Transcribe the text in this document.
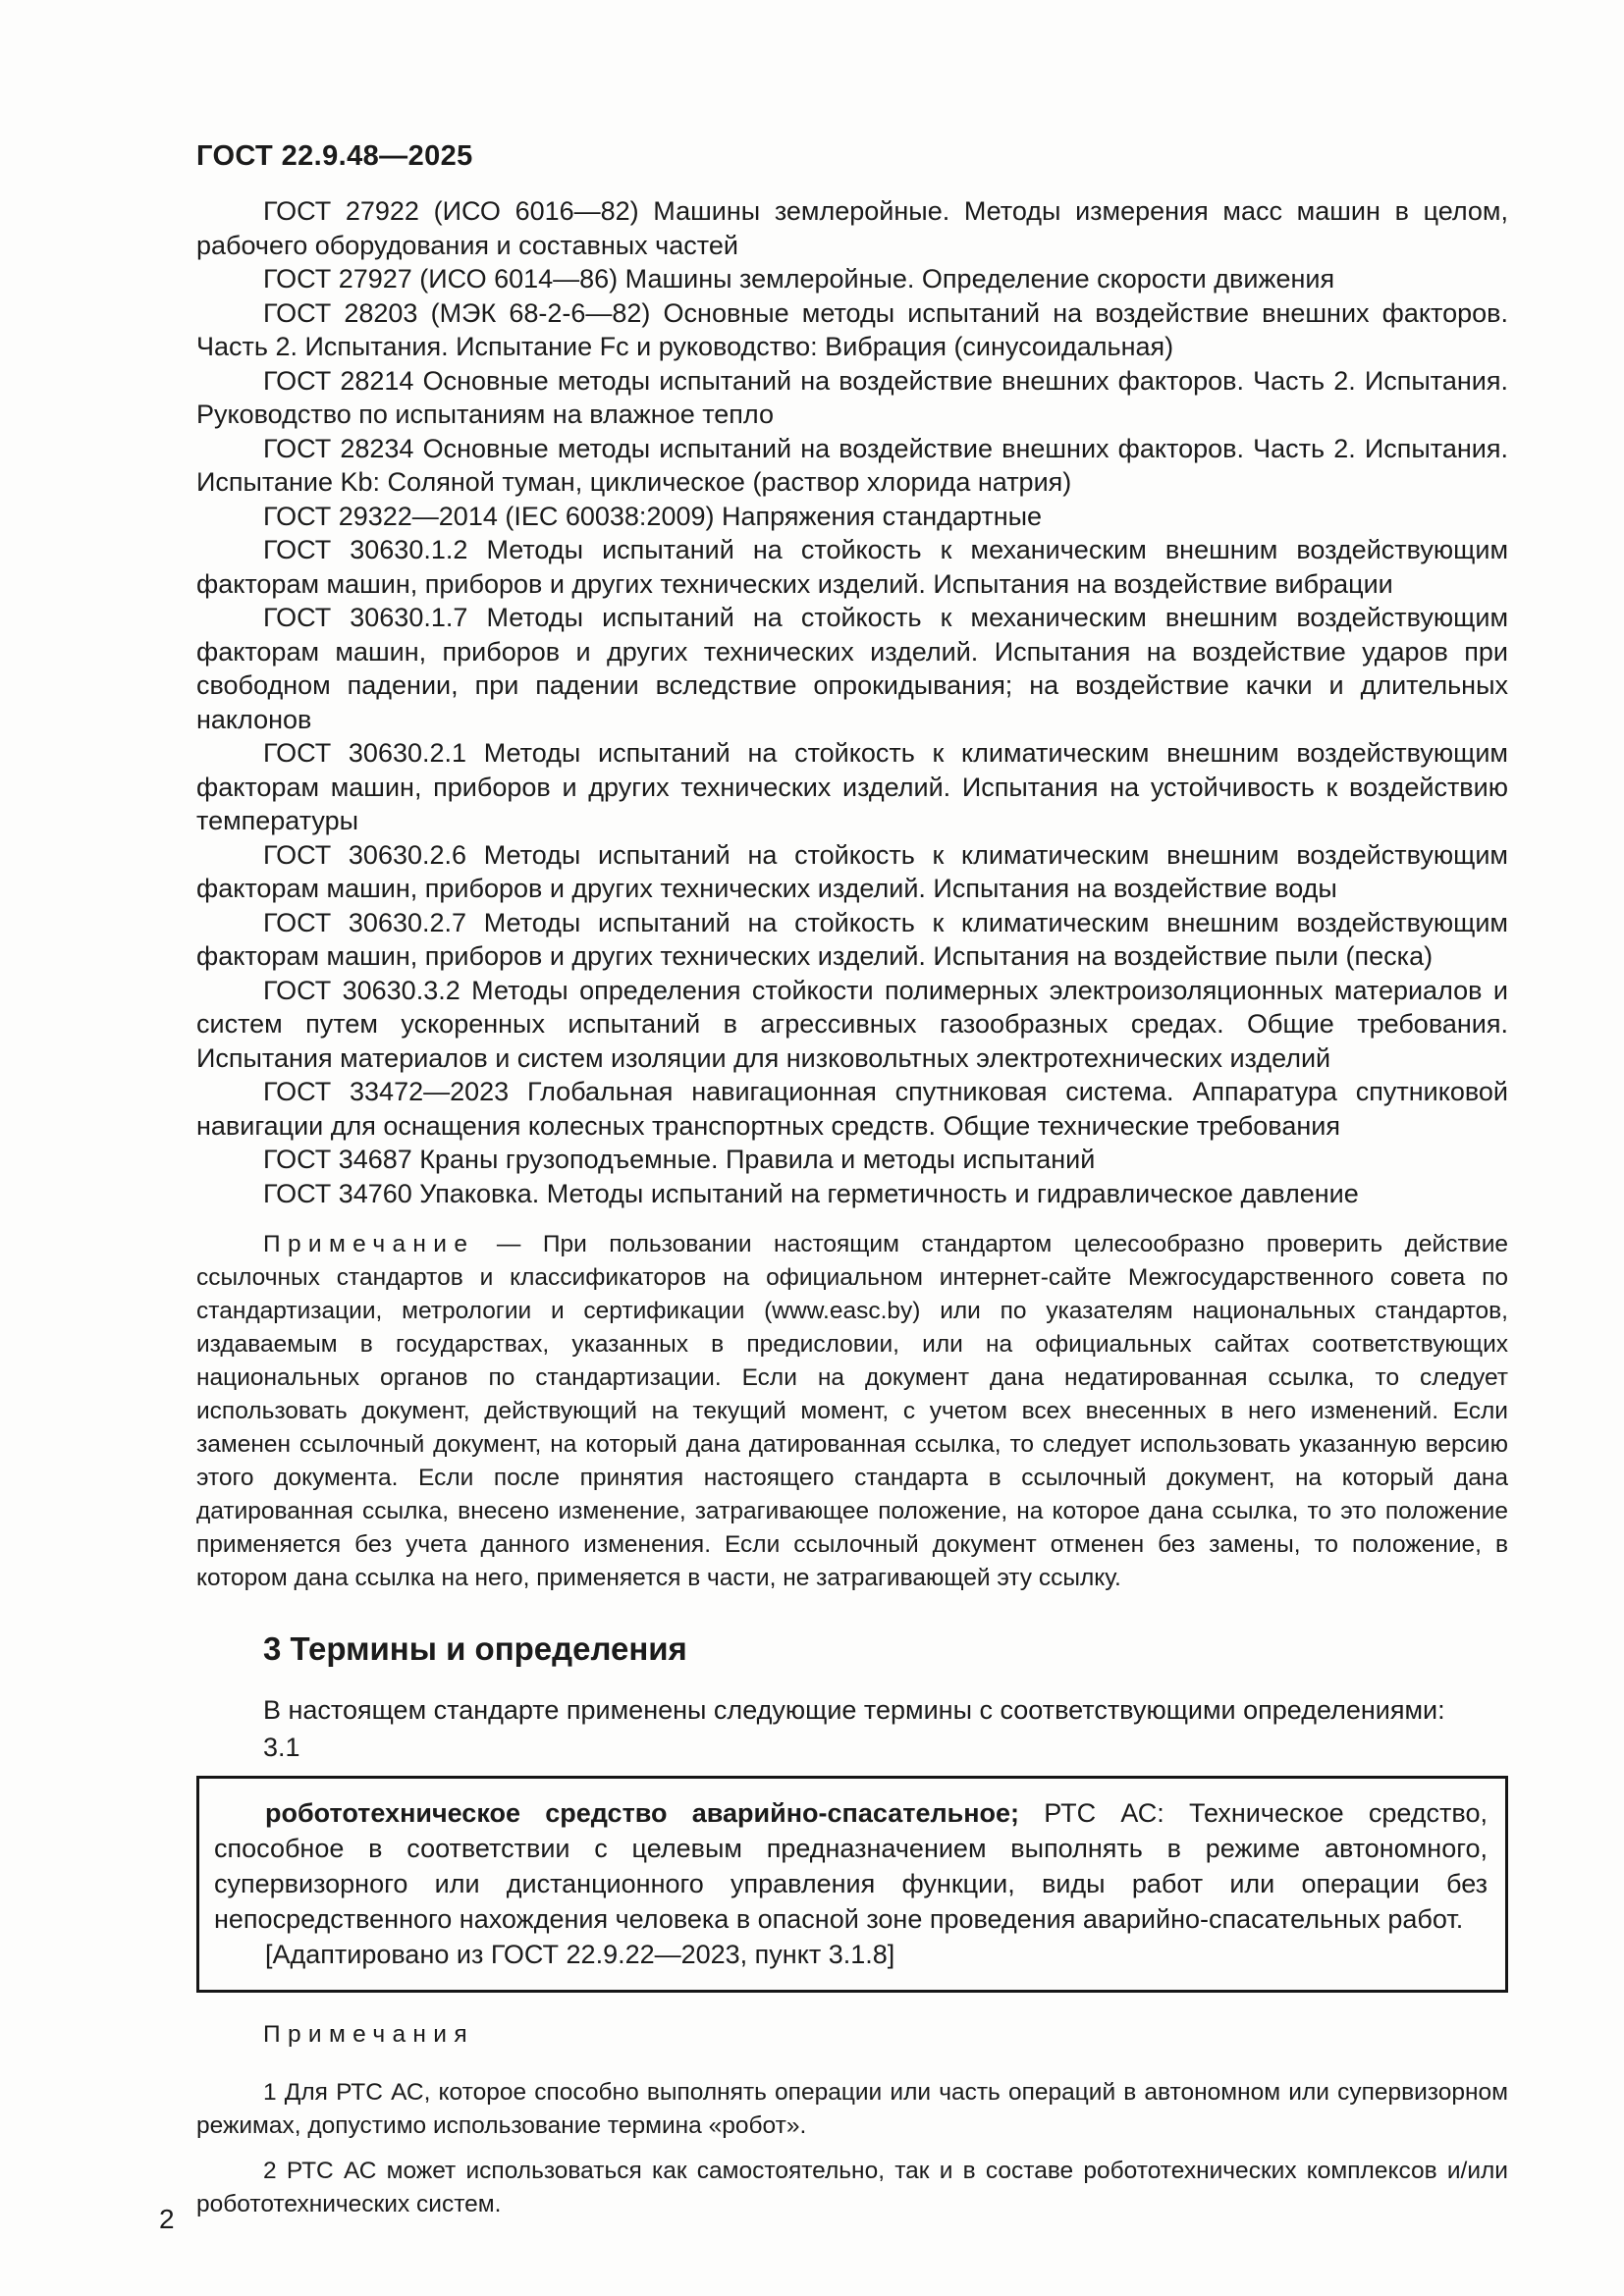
ГОСТ 22.9.48—2025

ГОСТ 27922 (ИСО 6016—82) Машины землеройные. Методы измерения масс машин в целом, рабочего оборудования и составных частей

ГОСТ 27927 (ИСО 6014—86) Машины землеройные. Определение скорости движения

ГОСТ 28203 (МЭК 68-2-6—82) Основные методы испытаний на воздействие внешних факторов. Часть 2. Испытания. Испытание Fc и руководство: Вибрация (синусоидальная)

ГОСТ 28214 Основные методы испытаний на воздействие внешних факторов. Часть 2. Испытания. Руководство по испытаниям на влажное тепло

ГОСТ 28234 Основные методы испытаний на воздействие внешних факторов. Часть 2. Испытания. Испытание Kb: Соляной туман, циклическое (раствор хлорида натрия)

ГОСТ 29322—2014 (IEC 60038:2009) Напряжения стандартные

ГОСТ 30630.1.2 Методы испытаний на стойкость к механическим внешним воздействующим факторам машин, приборов и других технических изделий. Испытания на воздействие вибрации

ГОСТ 30630.1.7 Методы испытаний на стойкость к механическим внешним воздействующим факторам машин, приборов и других технических изделий. Испытания на воздействие ударов при свободном падении, при падении вследствие опрокидывания; на воздействие качки и длительных наклонов

ГОСТ 30630.2.1 Методы испытаний на стойкость к климатическим внешним воздействующим факторам машин, приборов и других технических изделий. Испытания на устойчивость к воздействию температуры

ГОСТ 30630.2.6 Методы испытаний на стойкость к климатическим внешним воздействующим факторам машин, приборов и других технических изделий. Испытания на воздействие воды

ГОСТ 30630.2.7 Методы испытаний на стойкость к климатическим внешним воздействующим факторам машин, приборов и других технических изделий. Испытания на воздействие пыли (песка)

ГОСТ 30630.3.2 Методы определения стойкости полимерных электроизоляционных материалов и систем путем ускоренных испытаний в агрессивных газообразных средах. Общие требования. Испытания материалов и систем изоляции для низковольтных электротехнических изделий

ГОСТ 33472—2023 Глобальная навигационная спутниковая система. Аппаратура спутниковой навигации для оснащения колесных транспортных средств. Общие технические требования

ГОСТ 34687 Краны грузоподъемные. Правила и методы испытаний

ГОСТ 34760 Упаковка. Методы испытаний на герметичность и гидравлическое давление

Примечание — При пользовании настоящим стандартом целесообразно проверить действие ссылочных стандартов и классификаторов на официальном интернет-сайте Межгосударственного совета по стандартизации, метрологии и сертификации (www.easc.by) или по указателям национальных стандартов, издаваемым в государствах, указанных в предисловии, или на официальных сайтах соответствующих национальных органов по стандартизации. Если на документ дана недатированная ссылка, то следует использовать документ, действующий на текущий момент, с учетом всех внесенных в него изменений. Если заменен ссылочный документ, на который дана датированная ссылка, то следует использовать указанную версию этого документа. Если после принятия настоящего стандарта в ссылочный документ, на который дана датированная ссылка, внесено изменение, затрагивающее положение, на которое дана ссылка, то это положение применяется без учета данного изменения. Если ссылочный документ отменен без замены, то положение, в котором дана ссылка на него, применяется в части, не затрагивающей эту ссылку.

3 Термины и определения

В настоящем стандарте применены следующие термины с соответствующими определениями:

3.1

робототехническое средство аварийно-спасательное; РТС АС: Техническое средство, способное в соответствии с целевым предназначением выполнять в режиме автономного, супервизорного или дистанционного управления функции, виды работ или операции без непосредственного нахождения человека в опасной зоне проведения аварийно-спасательных работ.

[Адаптировано из ГОСТ 22.9.22—2023, пункт 3.1.8]

Примечания

1 Для РТС АС, которое способно выполнять операции или часть операций в автономном или супервизорном режимах, допустимо использование термина «робот».

2 РТС АС может использоваться как самостоятельно, так и в составе робототехнических комплексов и/или робототехнических систем.

2
